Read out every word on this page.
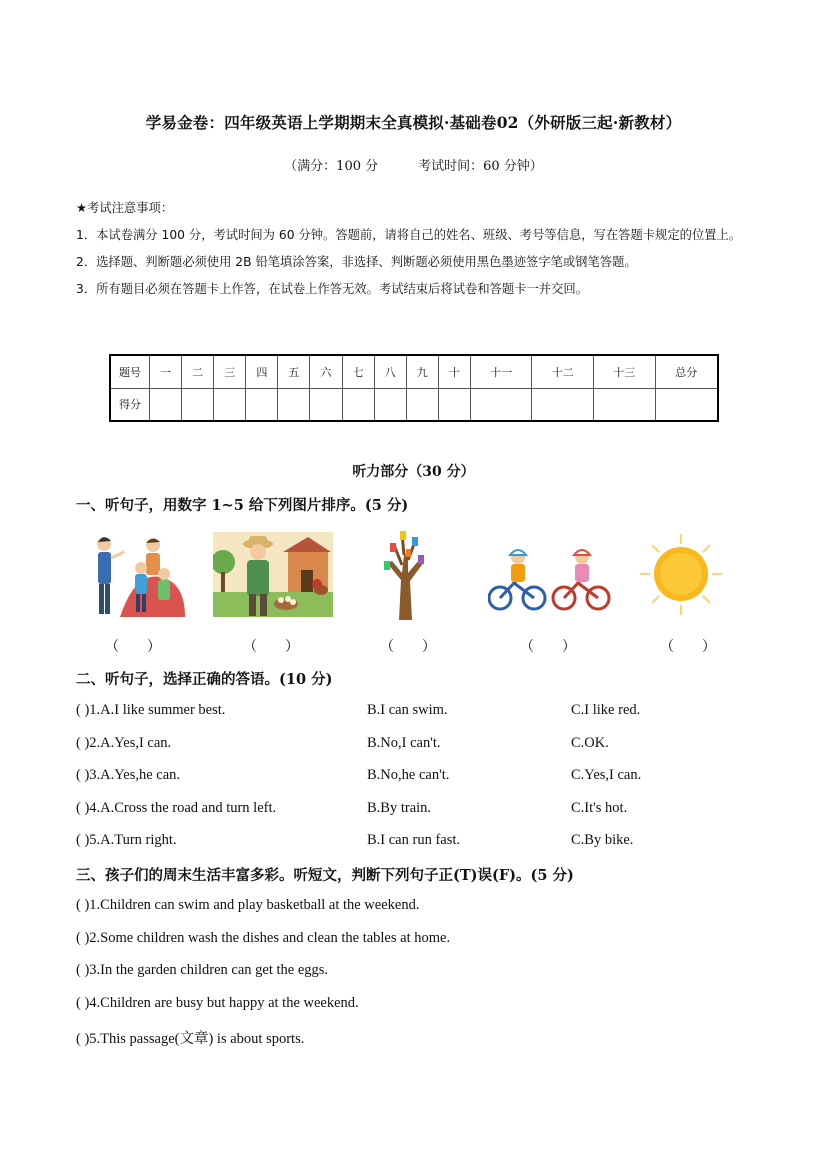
学易金卷：四年级英语上学期期末全真模拟·基础卷02（外研版三起·新教材）
（满分：100 分	考试时间：60 分钟）
★考试注意事项：
1．本试卷满分 100 分，考试时间为 60 分钟。答题前，请将自己的姓名、班级、考号等信息，写在答题卡规定的位置上。
2．选择题、判断题必须使用 2B 铅笔填涂答案，非选择、判断题必须使用黑色墨迹签字笔或钢笔答题。
3．所有题目必须在答题卡上作答，在试卷上作答无效。考试结束后将试卷和答题卡一并交回。
题号	一	二	三	四	五	六	七	八	九	十	十一	十二	十三	总分
得分														
听力部分（30 分）
一、听句子，用数字 1~5 给下列图片排序。(5 分)
（　　）	（　　）	（　　）	（　　）	（　　）
二、听句子，选择正确的答语。(10 分)
( )1.A.I like summer best.	B.I can swim.	C.I like red.
( )2.A.Yes,I can.	B.No,I can't.	C.OK.
( )3.A.Yes,he can.	B.No,he can't.	C.Yes,I can.
( )4.A.Cross the road and turn left.	B.By train.	C.It's hot.
( )5.A.Turn right.	B.I can run fast.	C.By bike.
三、孩子们的周末生活丰富多彩。听短文，判断下列句子正(T)误(F)。(5 分)
( )1.Children can swim and play basketball at the weekend.
( )2.Some children wash the dishes and clean the tables at home.
( )3.In the garden children can get the eggs.
( )4.Children are busy but happy at the weekend.
( )5.This passage(文章) is about sports.
